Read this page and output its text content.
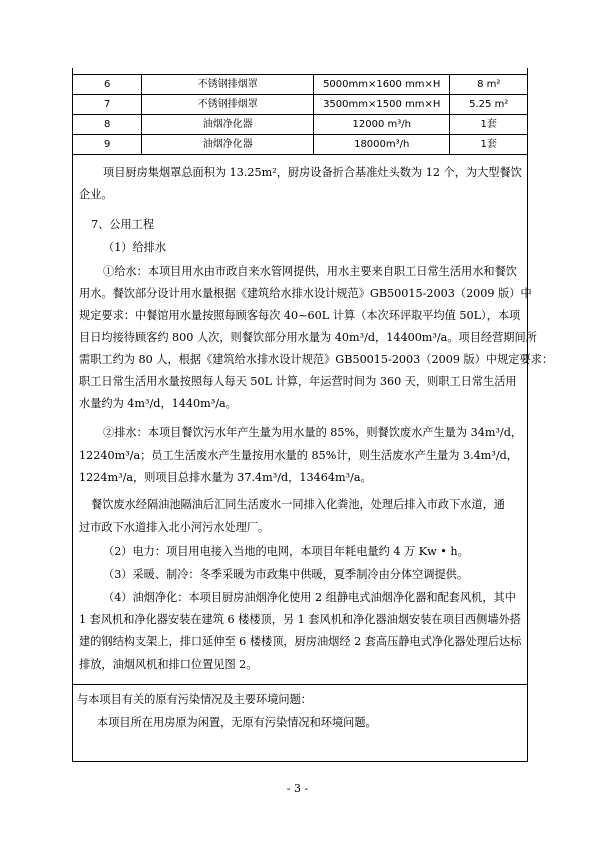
6	不锈钢排烟罩	5000mm×1600 mm×H	8 m²
7	不锈钢排烟罩	3500mm×1500 mm×H	5.25 m²
8	油烟净化器	12000 m³/h	1套
9	油烟净化器	18000m³/h	1套
项目厨房集烟罩总面积为 13.25m²，厨房设备折合基准灶头数为 12 个，为大型餐饮
企业。
7、公用工程
（1）给排水
①给水：本项目用水由市政自来水管网提供，用水主要来自职工日常生活用水和餐饮
用水。餐饮部分设计用水量根据《建筑给水排水设计规范》GB50015-2003（2009 版）中
规定要求：中餐馆用水量按照每顾客每次 40~60L 计算（本次环评取平均值 50L），本项
目日均接待顾客约 800 人次，则餐饮部分用水量为 40m³/d，14400m³/a。项目经营期间所
需职工约为 80 人，根据《建筑给水排水设计规范》GB50015-2003（2009 版）中规定要求：
职工日常生活用水量按照每人每天 50L 计算，年运营时间为 360 天，则职工日常生活用
水量约为 4m³/d，1440m³/a。
②排水：本项目餐饮污水年产生量为用水量的 85%，则餐饮废水产生量为 34m³/d，
12240m³/a；员工生活废水产生量按用水量的 85%计，则生活废水产生量为 3.4m³/d，
1224m³/a，则项目总排水量为 37.4m³/d，13464m³/a。
餐饮废水经隔油池隔油后汇同生活废水一同排入化粪池，处理后排入市政下水道，通
过市政下水道排入北小河污水处理厂。
（2）电力：项目用电接入当地的电网，本项目年耗电量约 4 万 Kw • h。
（3）采暖、制冷：冬季采暖为市政集中供暖，夏季制冷由分体空调提供。
（4）油烟净化：本项目厨房油烟净化使用 2 组静电式油烟净化器和配套风机，其中
1 套风机和净化器安装在建筑 6 楼楼顶，另 1 套风机和净化器油烟安装在项目西侧墙外搭
建的钢结构支架上，排口延伸至 6 楼楼顶，厨房油烟经 2 套高压静电式净化器处理后达标
排放，油烟风机和排口位置见图 2。
与本项目有关的原有污染情况及主要环境问题：
本项目所在用房原为闲置，无原有污染情况和环境问题。
- 3 -
